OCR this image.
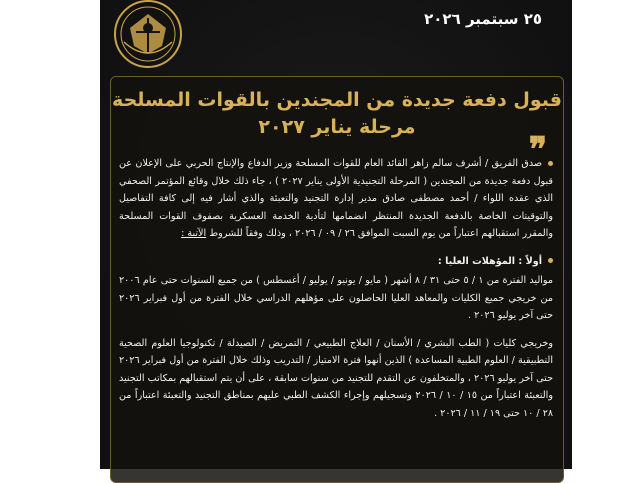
٢٥ سبتمبر ٢٠٢٦
قبول دفعة جديدة من المجندين بالقوات المسلحة
مرحلة يناير ٢٠٢٧
❞

صدق الفريق / أشرف سالم زاهر القائد العام للقوات المسلحة وزير الدفاع والإنتاج الحربي على الإعلان عن قبول دفعة جديدة من المجندين ( المرحلة التجنيدية الأولى يناير ٢٠٢٧ ) ، جاء ذلك خلال وقائع المؤتمر الصحفي الذي عقده اللواء / أحمد مصطفى صادق مدير إدارة التجنيد والتعبئة والذي أشار فيه إلى كافة التفاصيل والتوقيتات الخاصة بالدفعة الجديدة المنتظر انضمامها لتأدية الخدمة العسكرية بصفوف القوات المسلحة والمقرر استقبالهم اعتباراً من يوم السبت الموافق ٢٦ / ٠٩ / ٢٠٢٦ ، وذلك وفقاً للشروط الآتية :

أولاً : المؤهلات العليا :

مواليد الفترة من ١ / ٥ حتى ٣١ / ٨ أشهر ( مايو / يونيو / يوليو / أغسطس ) من جميع السنوات حتى عام ٢٠٠٦ من خريجي جميع الكليات والمعاهد العليا الحاصلون على مؤهلهم الدراسي خلال الفترة من أول فبراير ٢٠٢٦ حتى آخر يوليو ٢٠٢٦ .

وخريجي كليات ( الطب البشري / الأسنان / العلاج الطبيعي / التمريض / الصيدلة / تكنولوجيا العلوم الصحية التطبيقية / العلوم الطبية المساعدة ) الذين أنهوا فترة الامتياز / التدريب وذلك خلال الفترة من أول فبراير ٢٠٢٦ حتى آخر يوليو ٢٠٢٦ ، والمتخلفون عن التقدم للتجنيد من سنوات سابقة ، على أن يتم استقبالهم بمكاتب التجنيد والتعبئة اعتباراً من ١٥ / ١٠ / ٢٠٢٦ وتسجيلهم وإجراء الكشف الطبي عليهم بمناطق التجنيد والتعبئة اعتباراً من ٢٨ / ١٠ حتى ١٩ / ١١ / ٢٠٢٦ .
